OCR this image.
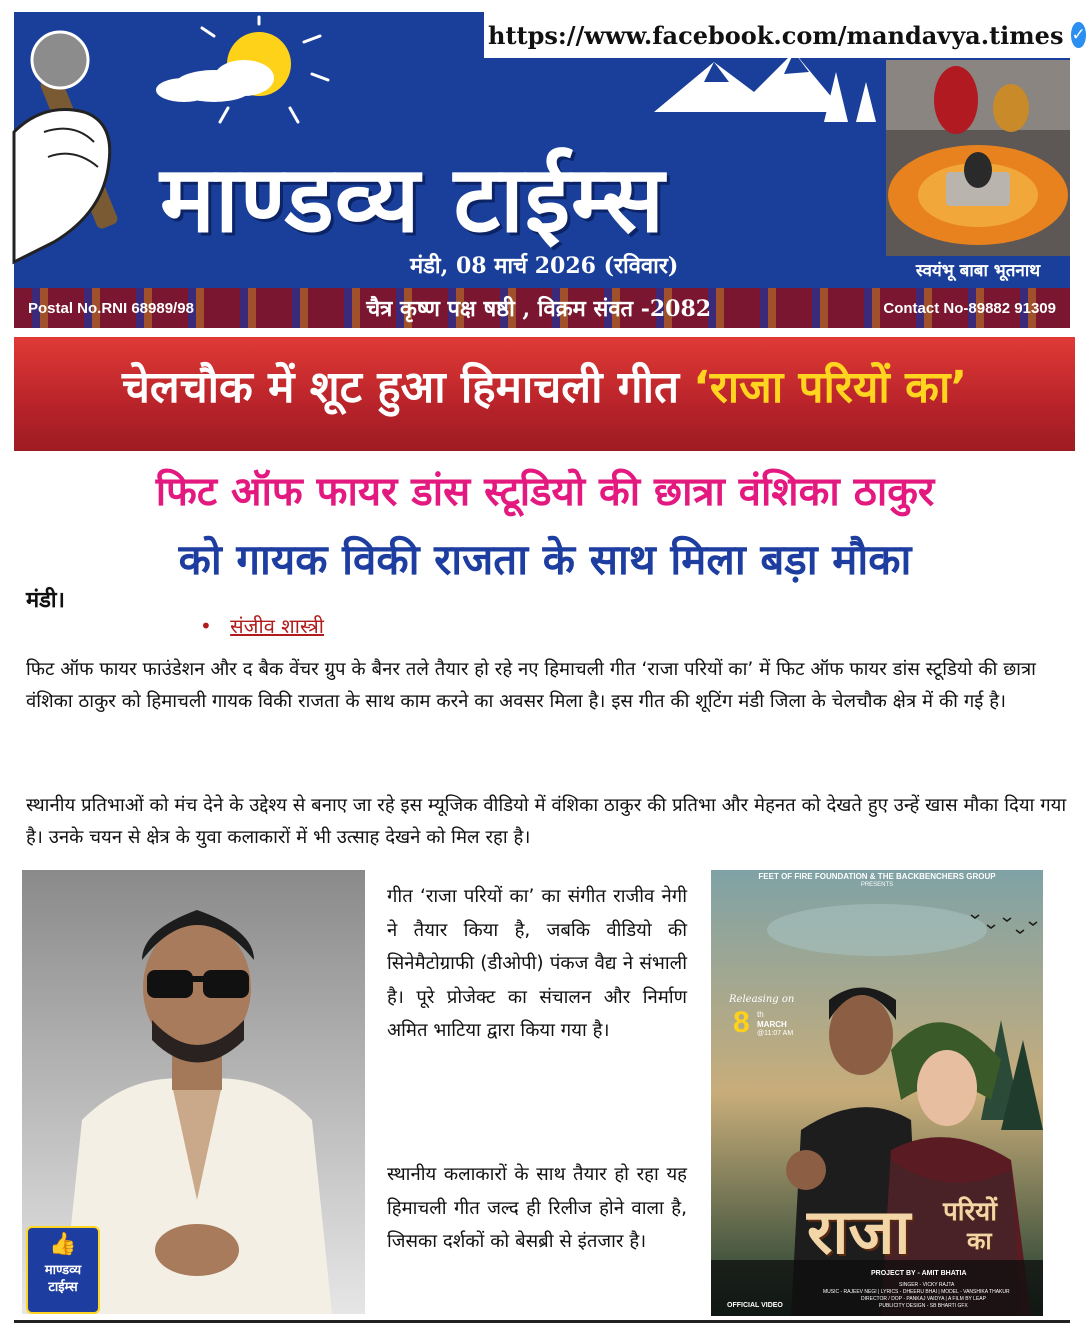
https://www.facebook.com/mandavya.times ✓
माण्डव्य टाईम्स
मंडी, 08 मार्च 2026 (रविवार)	स्वयंभू बाबा भूतनाथ
Postal No.RNI 68989/98	चैत्र कृष्ण पक्ष षष्ठी , विक्रम संवत -2082	Contact No-89882 91309
चेलचौक में शूट हुआ हिमाचली गीत ‘राजा परियों का’
फिट ऑफ फायर डांस स्टूडियो की छात्रा वंशिका ठाकुर
को गायक विकी राजता के साथ मिला बड़ा मौका
मंडी।
• संजीव शास्त्री
फिट ऑफ फायर फाउंडेशन और द बैक वेंचर ग्रुप के बैनर तले तैयार हो रहे नए हिमाचली गीत ‘राजा परियों का’ में फिट ऑफ फायर डांस स्टूडियो की छात्रा वंशिका ठाकुर को हिमाचली गायक विकी राजता के साथ काम करने का अवसर मिला है। इस गीत की शूटिंग मंडी जिला के चेलचौक क्षेत्र में की गई है।
स्थानीय प्रतिभाओं को मंच देने के उद्देश्य से बनाए जा रहे इस म्यूजिक वीडियो में वंशिका ठाकुर की प्रतिभा और मेहनत को देखते हुए उन्हें खास मौका दिया गया है। उनके चयन से क्षेत्र के युवा कलाकारों में भी उत्साह देखने को मिल रहा है।
👍
माण्डव्य
टाईम्स
गीत ‘राजा परियों का’ का संगीत राजीव नेगी ने तैयार किया है, जबकि वीडियो की सिनेमैटोग्राफी (डीओपी) पंकज वैद्य ने संभाली है। पूरे प्रोजेक्ट का संचालन और निर्माण अमित भाटिया द्वारा किया गया है।
स्थानीय कलाकारों के साथ तैयार हो रहा यह हिमाचली गीत जल्द ही रिलीज होने वाला है, जिसका दर्शकों को बेसब्री से इंतजार है।
FEET OF FIRE FOUNDATION & THE BACKBENCHERS GROUP
PRESENTS
Releasing on
8 th
MARCH
@11:07 AM
राजा परियों
का
PROJECT BY - AMIT BHATIA
SINGER - VICKY RAJTA
MUSIC - RAJEEV NEGI | LYRICS - DHEERU BHAI | MODEL - VANSHIKA THAKUR
DIRECTOR / DOP - PANKAJ VAIDYA | A FILM BY LEAP
PUBLICITY DESIGN - SB BHARTI GFX
OFFICIAL VIDEO
